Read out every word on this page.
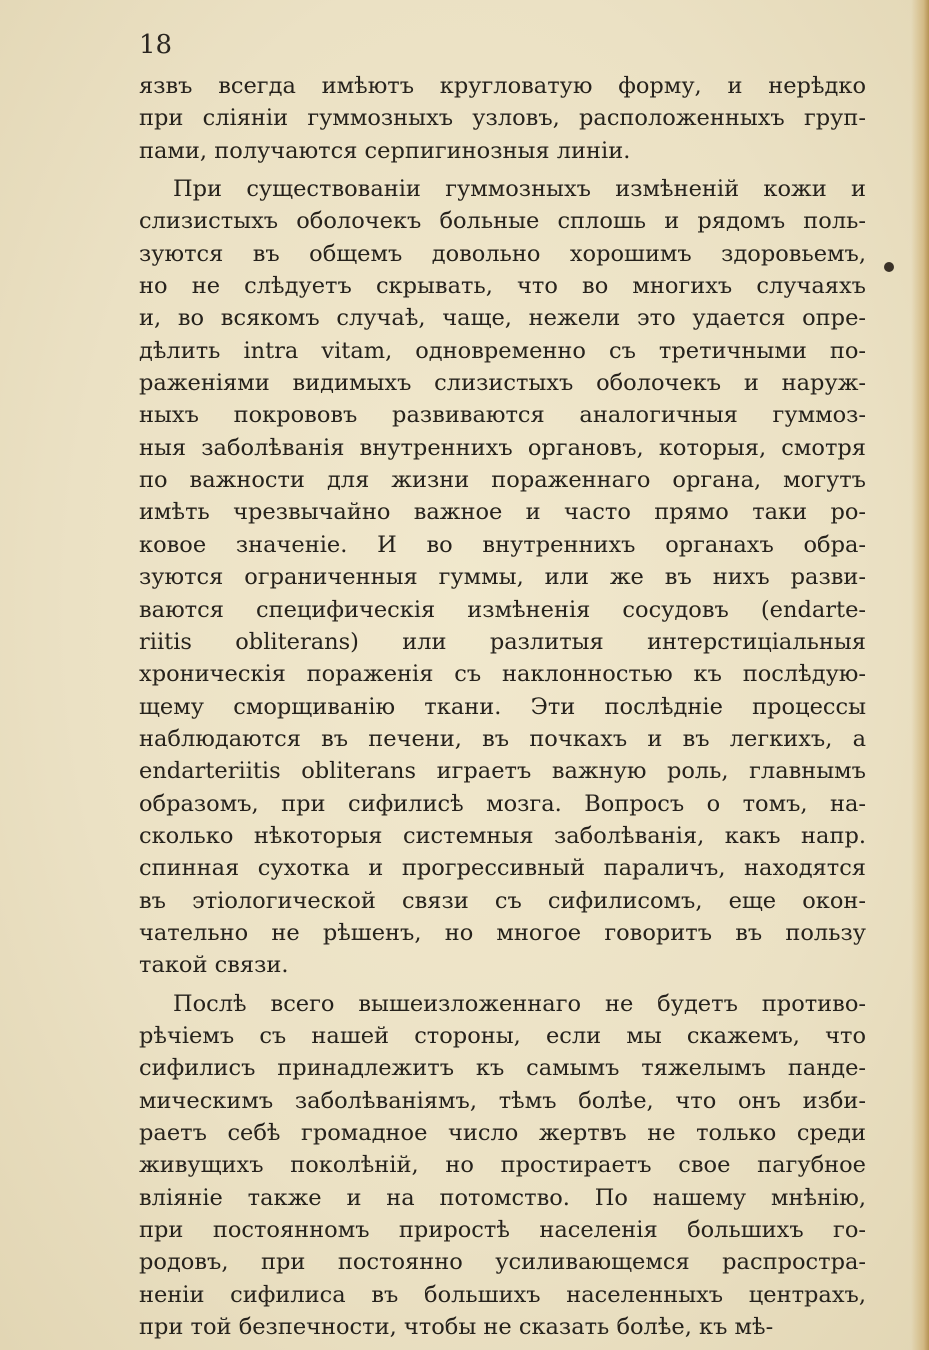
18

язвъ всегда имѣютъ кругловатую форму, и нерѣдко
при сліяніи гуммозныхъ узловъ, расположенныхъ груп-
пами, получаются серпигинозныя линіи.
При существованіи гуммозныхъ измѣненій кожи и
слизистыхъ оболочекъ больные сплошь и рядомъ поль-
зуются въ общемъ довольно хорошимъ здоровьемъ,
но не слѣдуетъ скрывать, что во многихъ случаяхъ
и, во всякомъ случаѣ, чаще, нежели это удается опре-
дѣлить intra vitam, одновременно съ третичными по-
раженіями видимыхъ слизистыхъ оболочекъ и наруж-
ныхъ покрововъ развиваются аналогичныя гуммоз-
ныя заболѣванія внутреннихъ органовъ, которыя, смотря
по важности для жизни пораженнаго органа, могутъ
имѣть чрезвычайно важное и часто прямо таки ро-
ковое значеніе. И во внутреннихъ органахъ обра-
зуются ограниченныя гуммы, или же въ нихъ разви-
ваются специфическія измѣненія сосудовъ (endarte-
riitis obliterans) или разлитыя интерстиціальныя
хроническія пораженія съ наклонностью къ послѣдую-
щему сморщиванію ткани. Эти послѣдніе процессы
наблюдаются въ печени, въ почкахъ и въ легкихъ, а
endarteriitis obliterans играетъ важную роль, главнымъ
образомъ, при сифилисѣ мозга. Вопросъ о томъ, на-
сколько нѣкоторыя системныя заболѣванія, какъ напр.
спинная сухотка и прогрессивный параличъ, находятся
въ этіологической связи съ сифилисомъ, еще окон-
чательно не рѣшенъ, но многое говоритъ въ пользу
такой связи.
Послѣ всего вышеизложеннаго не будетъ противо-
рѣчіемъ съ нашей стороны, если мы скажемъ, что
сифилисъ принадлежитъ къ самымъ тяжелымъ панде-
мическимъ заболѣваніямъ, тѣмъ болѣе, что онъ изби-
раетъ себѣ громадное число жертвъ не только среди
живущихъ поколѣній, но простираетъ свое пагубное
вліяніе также и на потомство. По нашему мнѣнію,
при постоянномъ приростѣ населенія большихъ го-
родовъ, при постоянно усиливающемся распростра-
неніи сифилиса въ большихъ населенныхъ центрахъ,
при той безпечности, чтобы не сказать болѣе, къ мѣ-
